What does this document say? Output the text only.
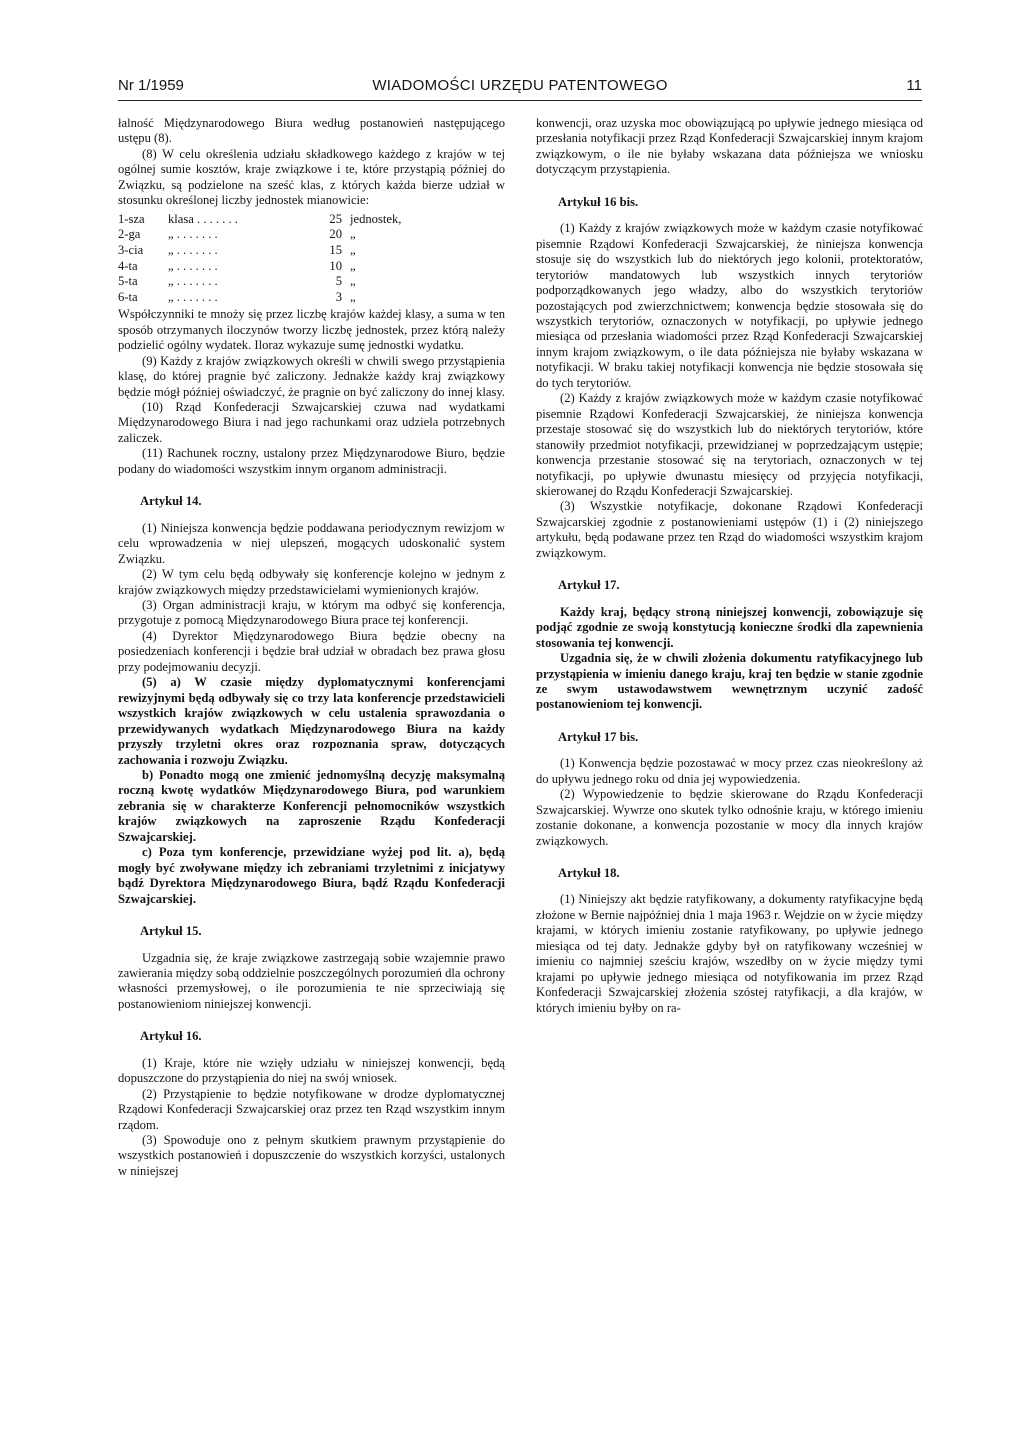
Nr 1/1959	WIADOMOŚCI URZĘDU PATENTOWEGO	11

łalność Międzynarodowego Biura według postanowień następującego ustępu (8).

(8) W celu określenia udziału składkowego każdego z krajów w tej ogólnej sumie kosztów, kraje związkowe i te, które przystąpią później do Związku, są podzielone na sześć klas, z których każda bierze udział w stosunku określonej liczby jednostek mianowicie:

1-sza	klasa . . . . . . .	25	jednostek,
2-ga	„ . . . . . . .	20	„
3-cia	„ . . . . . . .	15	„
4-ta	„ . . . . . . .	10	„
5-ta	„ . . . . . . .	5	„
6-ta	„ . . . . . . .	3	„

Współczynniki te mnoży się przez liczbę krajów każdej klasy, a suma w ten sposób otrzymanych iloczynów tworzy liczbę jednostek, przez którą należy podzielić ogólny wydatek. Iloraz wykazuje sumę jednostki wydatku.

(9) Każdy z krajów związkowych określi w chwili swego przystąpienia klasę, do której pragnie być zaliczony. Jednakże każdy kraj związkowy będzie mógł później oświadczyć, że pragnie on być zaliczony do innej klasy.

(10) Rząd Konfederacji Szwajcarskiej czuwa nad wydatkami Międzynarodowego Biura i nad jego rachunkami oraz udziela potrzebnych zaliczek.

(11) Rachunek roczny, ustalony przez Międzynarodowe Biuro, będzie podany do wiadomości wszystkim innym organom administracji.

Artykuł 14.

(1) Niniejsza konwencja będzie poddawana periodycznym rewizjom w celu wprowadzenia w niej ulepszeń, mogących udoskonalić system Związku.

(2) W tym celu będą odbywały się konferencje kolejno w jednym z krajów związkowych między przedstawicielami wymienionych krajów.

(3) Organ administracji kraju, w którym ma odbyć się konferencja, przygotuje z pomocą Międzynarodowego Biura prace tej konferencji.

(4) Dyrektor Międzynarodowego Biura będzie obecny na posiedzeniach konferencji i będzie brał udział w obradach bez prawa głosu przy podejmowaniu decyzji.

(5) a) W czasie między dyplomatycznymi konferencjami rewizyjnymi będą odbywały się co trzy lata konferencje przedstawicieli wszystkich krajów związkowych w celu ustalenia sprawozdania o przewidywanych wydatkach Międzynarodowego Biura na każdy przyszły trzyletni okres oraz rozpoznania spraw, dotyczących zachowania i rozwoju Związku.

b) Ponadto mogą one zmienić jednomyślną decyzję maksymalną roczną kwotę wydatków Międzynarodowego Biura, pod warunkiem zebrania się w charakterze Konferencji pełnomocników wszystkich krajów związkowych na zaproszenie Rządu Konfederacji Szwajcarskiej.

c) Poza tym konferencje, przewidziane wyżej pod lit. a), będą mogły być zwoływane między ich zebraniami trzyletnimi z inicjatywy bądź Dyrektora Międzynarodowego Biura, bądź Rządu Konfederacji Szwajcarskiej.

Artykuł 15.

Uzgadnia się, że kraje związkowe zastrzegają sobie wzajemnie prawo zawierania między sobą oddzielnie poszczególnych porozumień dla ochrony własności przemysłowej, o ile porozumienia te nie sprzeciwiają się postanowieniom niniejszej konwencji.

Artykuł 16.

(1) Kraje, które nie wzięły udziału w niniejszej konwencji, będą dopuszczone do przystąpienia do niej na swój wniosek.

(2) Przystąpienie to będzie notyfikowane w drodze dyplomatycznej Rządowi Konfederacji Szwajcarskiej oraz przez ten Rząd wszystkim innym rządom.

(3) Spowoduje ono z pełnym skutkiem prawnym przystąpienie do wszystkich postanowień i dopuszczenie do wszystkich korzyści, ustalonych w niniejszej

konwencji, oraz uzyska moc obowiązującą po upływie jednego miesiąca od przesłania notyfikacji przez Rząd Konfederacji Szwajcarskiej innym krajom związkowym, o ile nie byłaby wskazana data późniejsza we wniosku dotyczącym przystąpienia.

Artykuł 16 bis.

(1) Każdy z krajów związkowych może w każdym czasie notyfikować pisemnie Rządowi Konfederacji Szwajcarskiej, że niniejsza konwencja stosuje się do wszystkich lub do niektórych jego kolonii, protektoratów, terytoriów mandatowych lub wszystkich innych terytoriów podporządkowanych jego władzy, albo do wszystkich terytoriów pozostających pod zwierzchnictwem; konwencja będzie stosowała się do wszystkich terytoriów, oznaczonych w notyfikacji, po upływie jednego miesiąca od przesłania wiadomości przez Rząd Konfederacji Szwajcarskiej innym krajom związkowym, o ile data późniejsza nie byłaby wskazana w notyfikacji. W braku takiej notyfikacji konwencja nie będzie stosowała się do tych terytoriów.

(2) Każdy z krajów związkowych może w każdym czasie notyfikować pisemnie Rządowi Konfederacji Szwajcarskiej, że niniejsza konwencja przestaje stosować się do wszystkich lub do niektórych terytoriów, które stanowiły przedmiot notyfikacji, przewidzianej w poprzedzającym ustępie; konwencja przestanie stosować się na terytoriach, oznaczonych w tej notyfikacji, po upływie dwunastu miesięcy od przyjęcia notyfikacji, skierowanej do Rządu Konfederacji Szwajcarskiej.

(3) Wszystkie notyfikacje, dokonane Rządowi Konfederacji Szwajcarskiej zgodnie z postanowieniami ustępów (1) i (2) niniejszego artykułu, będą podawane przez ten Rząd do wiadomości wszystkim krajom związkowym.

Artykuł 17.

Każdy kraj, będący stroną niniejszej konwencji, zobowiązuje się podjąć zgodnie ze swoją konstytucją konieczne środki dla zapewnienia stosowania tej konwencji.

Uzgadnia się, że w chwili złożenia dokumentu ratyfikacyjnego lub przystąpienia w imieniu danego kraju, kraj ten będzie w stanie zgodnie ze swym ustawodawstwem wewnętrznym uczynić zadość postanowieniom tej konwencji.

Artykuł 17 bis.

(1) Konwencja będzie pozostawać w mocy przez czas nieokreślony aż do upływu jednego roku od dnia jej wypowiedzenia.

(2) Wypowiedzenie to będzie skierowane do Rządu Konfederacji Szwajcarskiej. Wywrze ono skutek tylko odnośnie kraju, w którego imieniu zostanie dokonane, a konwencja pozostanie w mocy dla innych krajów związkowych.

Artykuł 18.

(1) Niniejszy akt będzie ratyfikowany, a dokumenty ratyfikacyjne będą złożone w Bernie najpóźniej dnia 1 maja 1963 r. Wejdzie on w życie między krajami, w których imieniu zostanie ratyfikowany, po upływie jednego miesiąca od tej daty. Jednakże gdyby był on ratyfikowany wcześniej w imieniu co najmniej sześciu krajów, wszedłby on w życie między tymi krajami po upływie jednego miesiąca od notyfikowania im przez Rząd Konfederacji Szwajcarskiej złożenia szóstej ratyfikacji, a dla krajów, w których imieniu byłby on ra-
